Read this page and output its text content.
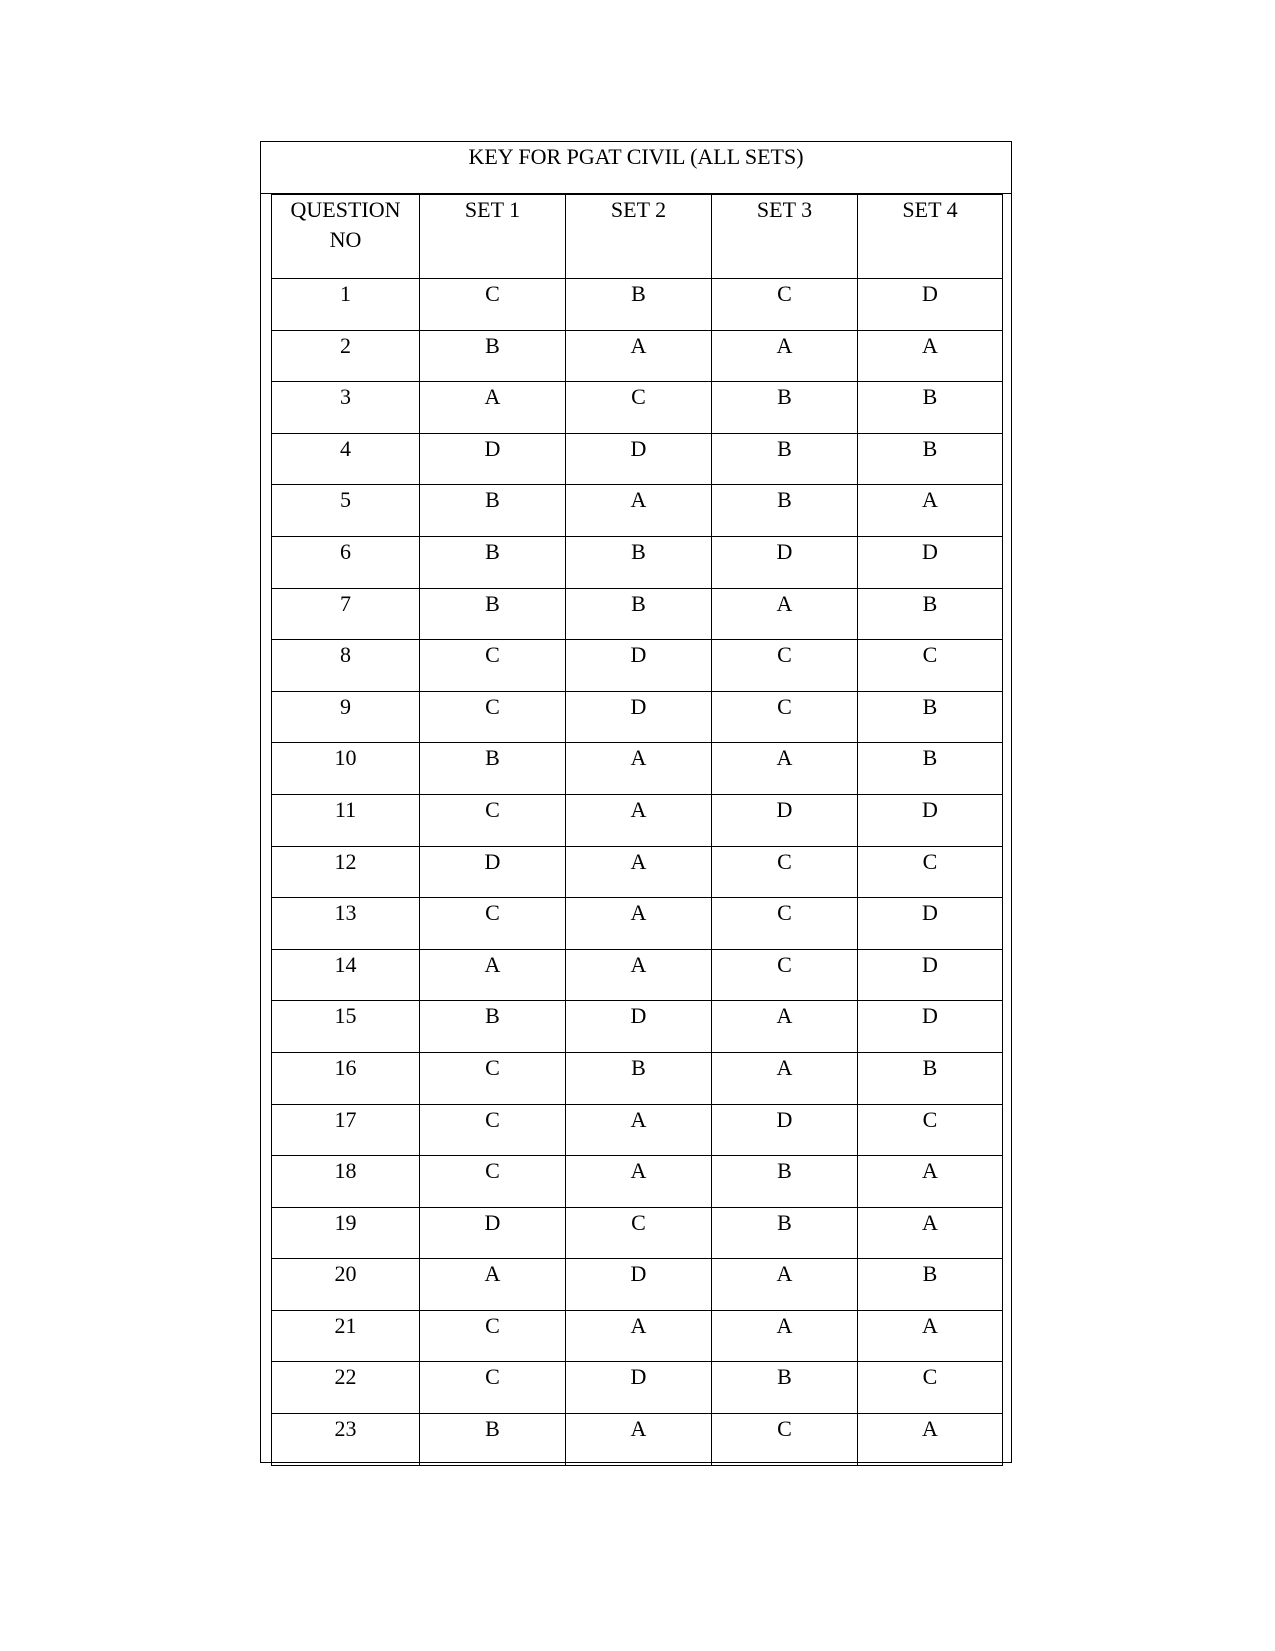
KEY FOR PGAT CIVIL (ALL SETS)
QUESTION NO	SET 1	SET 2	SET 3	SET 4
1	C	B	C	D
2	B	A	A	A
3	A	C	B	B
4	D	D	B	B
5	B	A	B	A
6	B	B	D	D
7	B	B	A	B
8	C	D	C	C
9	C	D	C	B
10	B	A	A	B
11	C	A	D	D
12	D	A	C	C
13	C	A	C	D
14	A	A	C	D
15	B	D	A	D
16	C	B	A	B
17	C	A	D	C
18	C	A	B	A
19	D	C	B	A
20	A	D	A	B
21	C	A	A	A
22	C	D	B	C
23	B	A	C	A
